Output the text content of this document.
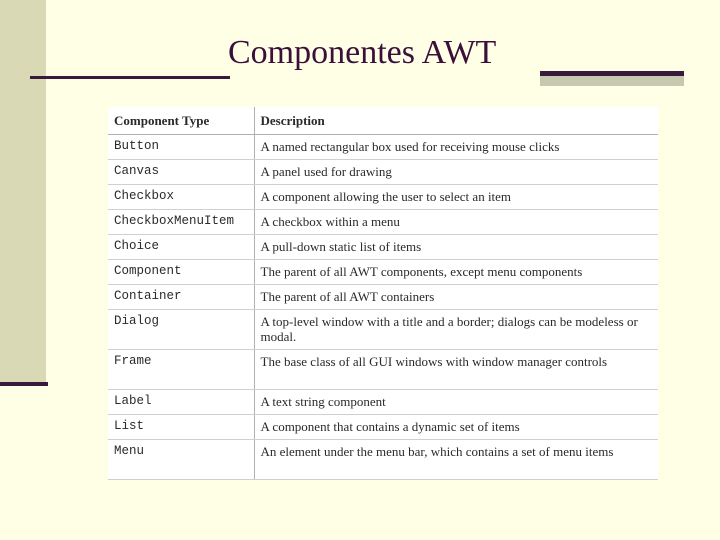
Componentes AWT
Component Type	Description
Button	A named rectangular box used for receiving mouse clicks
Canvas	A panel used for drawing
Checkbox	A component allowing the user to select an item
CheckboxMenuItem	A checkbox within a menu
Choice	A pull-down static list of items
Component	The parent of all AWT components, except menu components
Container	The parent of all AWT containers
Dialog	A top-level window with a title and a border; dialogs can be modeless or modal.
Frame	The base class of all GUI windows with window manager controls
Label	A text string component
List	A component that contains a dynamic set of items
Menu	An element under the menu bar, which contains a set of menu items
